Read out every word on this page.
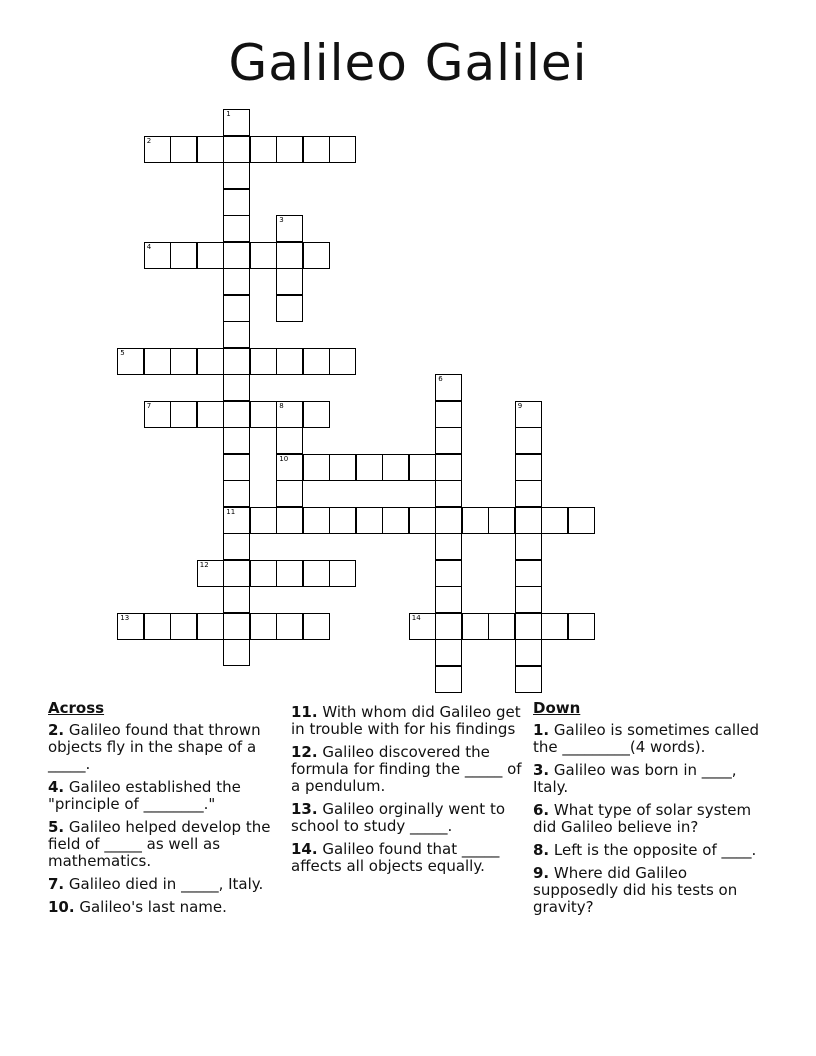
Galileo Galilei
1
11
2
3
4
5
6
7	8
10
9
12
13	14
Across
2. Galileo found that thrown objects fly in the shape of a _____.
4. Galileo established the "principle of ________."
5. Galileo helped develop the field of _____ as well as mathematics.
7. Galileo died in _____, Italy.
10. Galileo's last name.
11. With whom did Galileo get in trouble with for his findings
12. Galileo discovered the formula for finding the _____ of a pendulum.
13. Galileo orginally went to school to study _____.
14. Galileo found that _____ affects all objects equally.
Down
1. Galileo is sometimes called the _________(4 words).
3. Galileo was born in ____, Italy.
6. What type of solar system did Galileo believe in?
8. Left is the opposite of ____.
9. Where did Galileo supposedly did his tests on gravity?
